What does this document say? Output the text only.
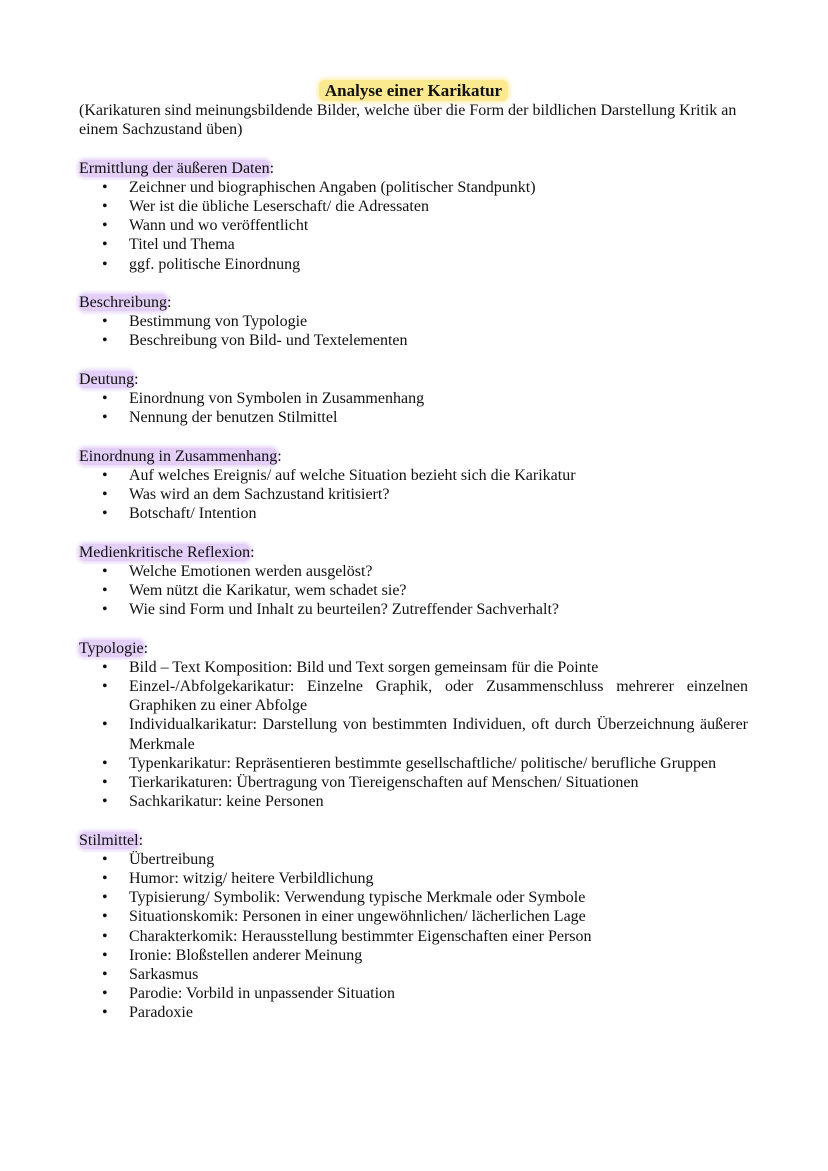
Analyse einer Karikatur

(Karikaturen sind meinungsbildende Bilder, welche über die Form der bildlichen Darstellung Kritik an einem Sachzustand üben)

Ermittlung der äußeren Daten:
• Zeichner und biographischen Angaben (politischer Standpunkt)
• Wer ist die übliche Leserschaft/ die Adressaten
• Wann und wo veröffentlicht
• Titel und Thema
• ggf. politische Einordnung
Beschreibung:
• Bestimmung von Typologie
• Beschreibung von Bild- und Textelementen
Deutung:
• Einordnung von Symbolen in Zusammenhang
• Nennung der benutzen Stilmittel
Einordnung in Zusammenhang:
• Auf welches Ereignis/ auf welche Situation bezieht sich die Karikatur
• Was wird an dem Sachzustand kritisiert?
• Botschaft/ Intention
Medienkritische Reflexion:
• Welche Emotionen werden ausgelöst?
• Wem nützt die Karikatur, wem schadet sie?
• Wie sind Form und Inhalt zu beurteilen? Zutreffender Sachverhalt?
Typologie:
• Bild – Text Komposition: Bild und Text sorgen gemeinsam für die Pointe
• Einzel-/Abfolgekarikatur: Einzelne Graphik, oder Zusammenschluss mehrerer einzelnen Graphiken zu einer Abfolge
• Individualkarikatur: Darstellung von bestimmten Individuen, oft durch Überzeichnung äußerer Merkmale
• Typenkarikatur: Repräsentieren bestimmte gesellschaftliche/ politische/ berufliche Gruppen
• Tierkarikaturen: Übertragung von Tiereigenschaften auf Menschen/ Situationen
• Sachkarikatur: keine Personen
Stilmittel:
• Übertreibung
• Humor: witzig/ heitere Verbildlichung
• Typisierung/ Symbolik: Verwendung typische Merkmale oder Symbole
• Situationskomik: Personen in einer ungewöhnlichen/ lächerlichen Lage
• Charakterkomik: Herausstellung bestimmter Eigenschaften einer Person
• Ironie: Bloßstellen anderer Meinung
• Sarkasmus
• Parodie: Vorbild in unpassender Situation
• Paradoxie
